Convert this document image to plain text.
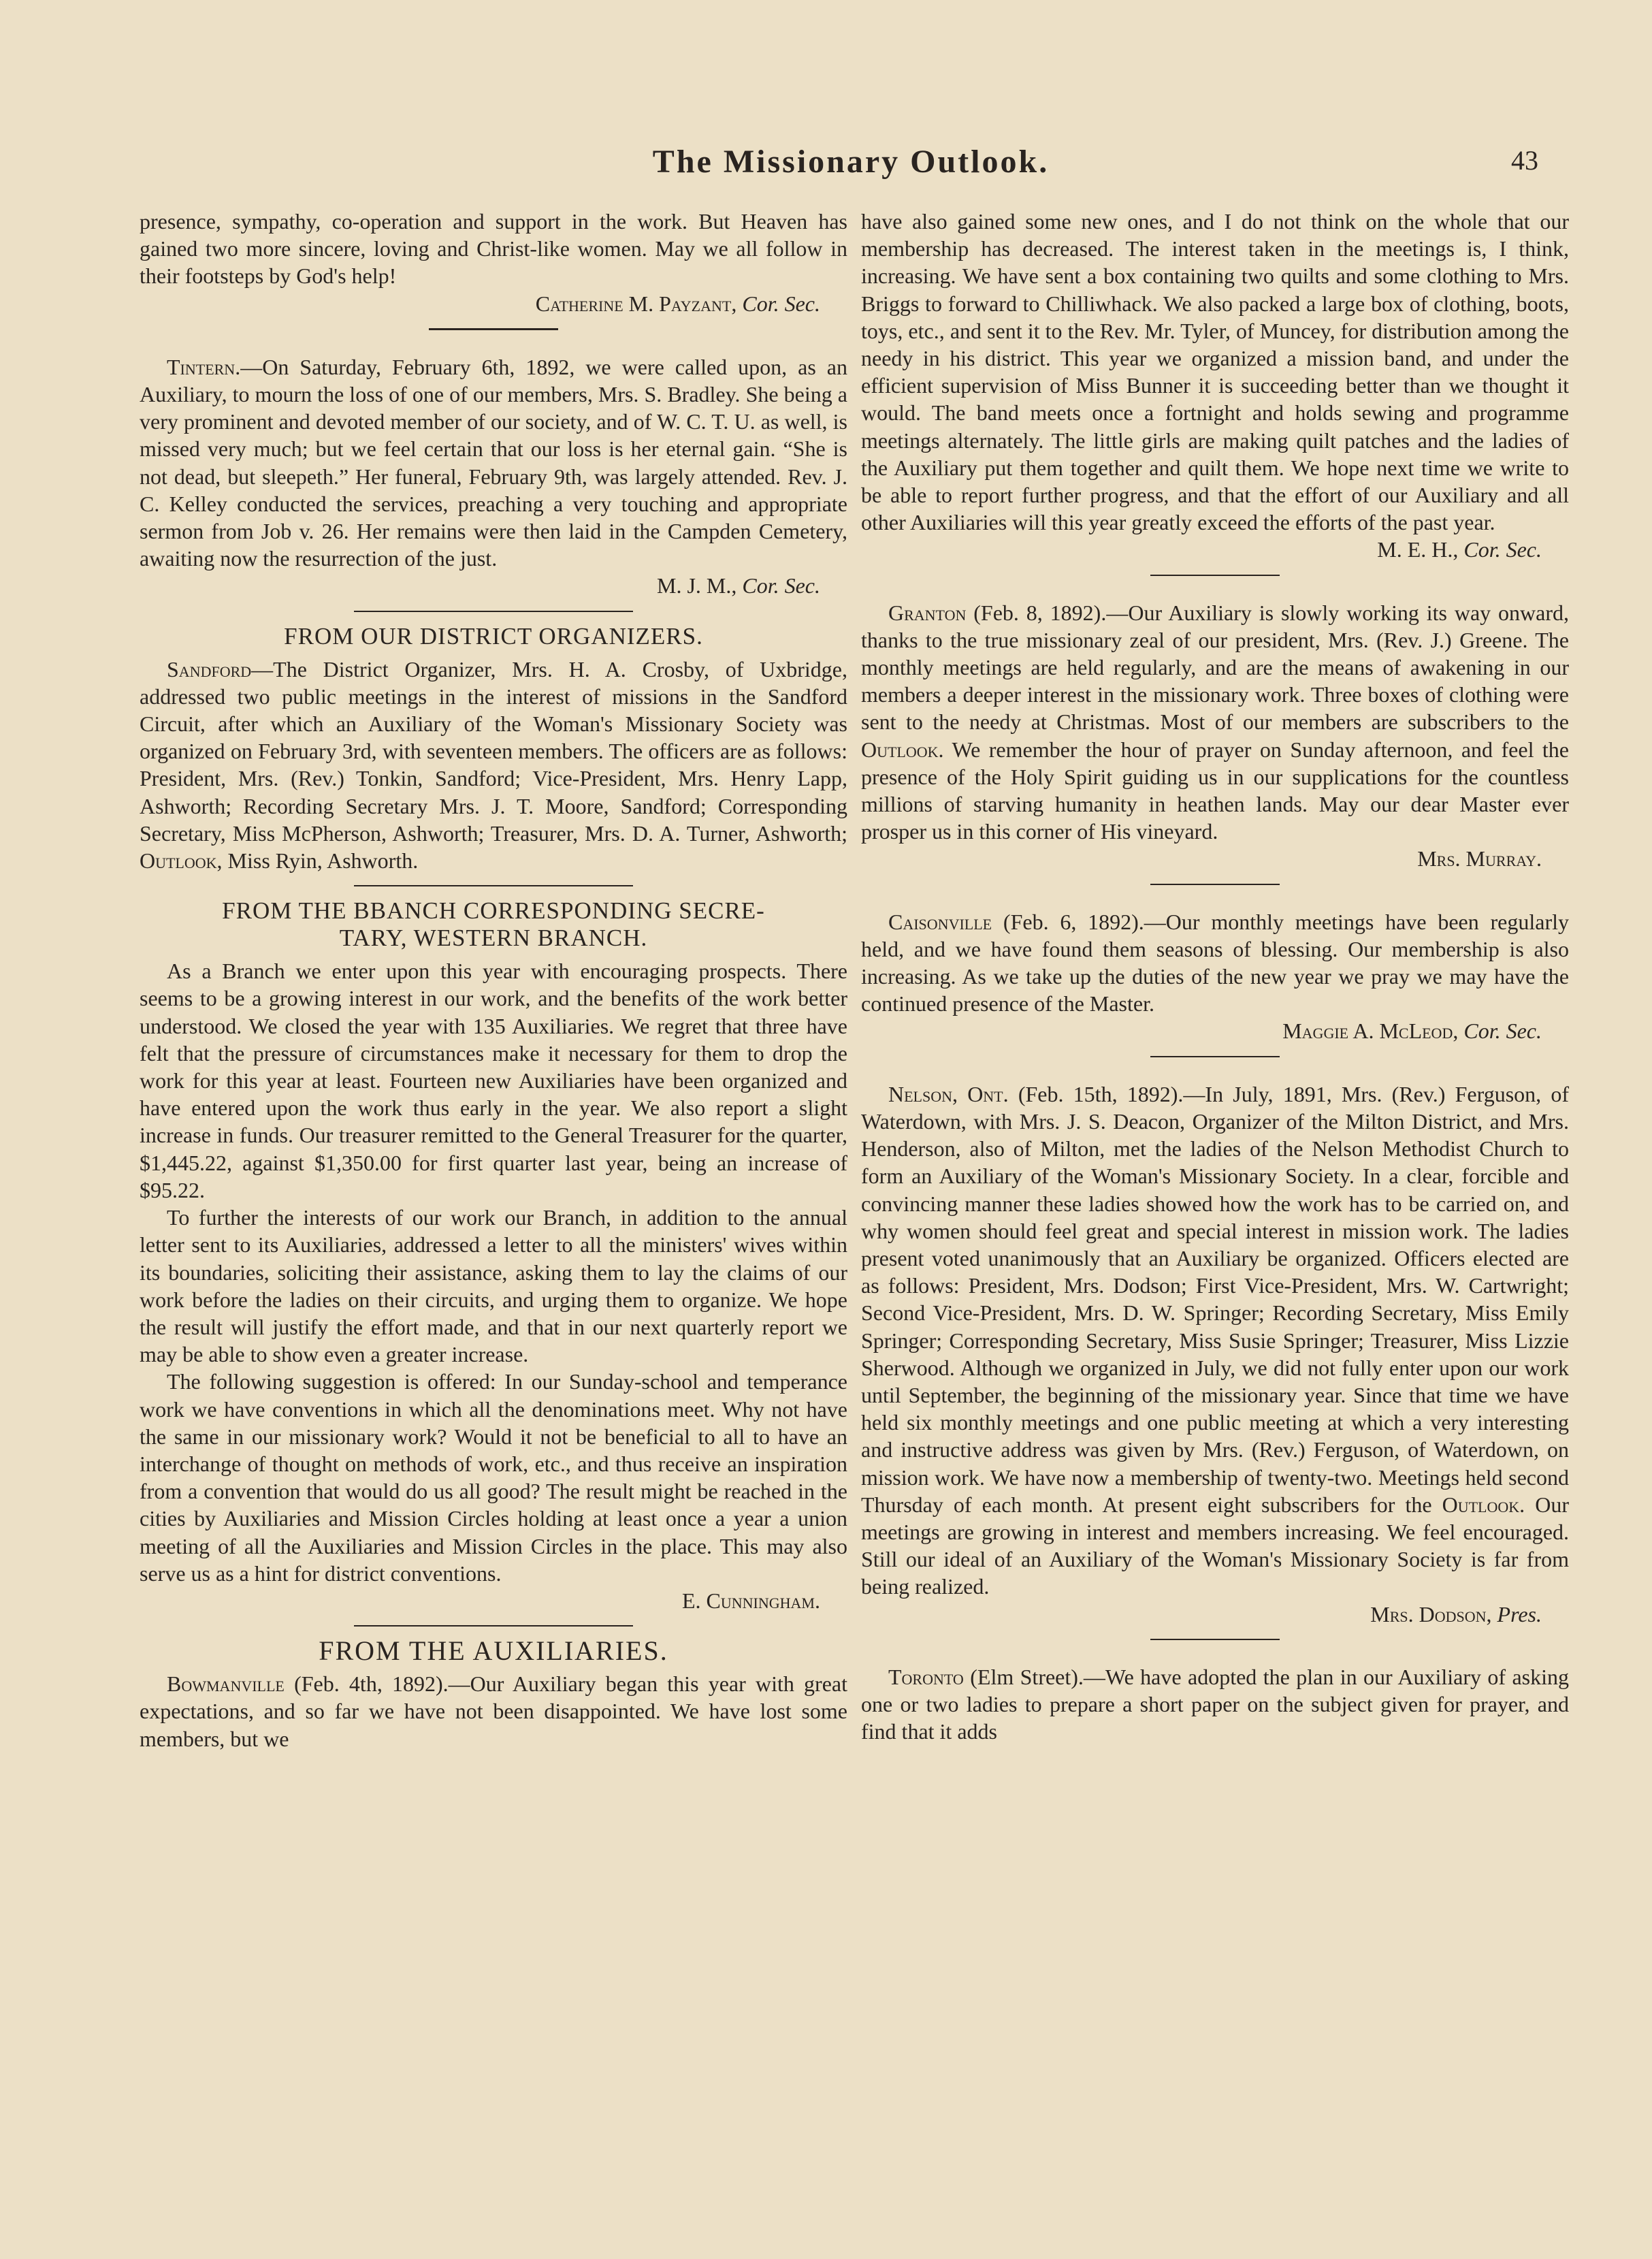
The Missionary Outlook.	43

presence, sympathy, co-operation and support in the work. But Heaven has gained two more sincere, loving and Christ-like women. May we all follow in their footsteps by God's help!

Catherine M. Payzant, Cor. Sec.

Tintern.—On Saturday, February 6th, 1892, we were called upon, as an Auxiliary, to mourn the loss of one of our members, Mrs. S. Bradley. She being a very prominent and devoted member of our society, and of W. C. T. U. as well, is missed very much; but we feel certain that our loss is her eternal gain. “She is not dead, but sleepeth.” Her funeral, February 9th, was largely attended. Rev. J. C. Kelley conducted the services, preaching a very touching and appropriate sermon from Job v. 26. Her remains were then laid in the Campden Cemetery, awaiting now the resurrection of the just.

M. J. M., Cor. Sec.

FROM OUR DISTRICT ORGANIZERS.

Sandford—The District Organizer, Mrs. H. A. Crosby, of Uxbridge, addressed two public meetings in the interest of missions in the Sandford Circuit, after which an Auxiliary of the Woman's Missionary Society was organized on February 3rd, with seventeen members. The officers are as follows: President, Mrs. (Rev.) Tonkin, Sandford; Vice-President, Mrs. Henry Lapp, Ashworth; Recording Secretary Mrs. J. T. Moore, Sandford; Corresponding Secretary, Miss McPherson, Ashworth; Treasurer, Mrs. D. A. Turner, Ashworth; Outlook, Miss Ryin, Ashworth.

FROM THE BBANCH CORRESPONDING SECRE-
TARY, WESTERN BRANCH.

As a Branch we enter upon this year with encouraging prospects. There seems to be a growing interest in our work, and the benefits of the work better understood. We closed the year with 135 Auxiliaries. We regret that three have felt that the pressure of circumstances make it necessary for them to drop the work for this year at least. Fourteen new Auxiliaries have been organized and have entered upon the work thus early in the year. We also report a slight increase in funds. Our treasurer remitted to the General Treasurer for the quarter, $1,445.22, against $1,350.00 for first quarter last year, being an increase of $95.22.

To further the interests of our work our Branch, in addition to the annual letter sent to its Auxiliaries, addressed a letter to all the ministers' wives within its boundaries, soliciting their assistance, asking them to lay the claims of our work before the ladies on their circuits, and urging them to organize. We hope the result will justify the effort made, and that in our next quarterly report we may be able to show even a greater increase.

The following suggestion is offered: In our Sunday-school and temperance work we have conventions in which all the denominations meet. Why not have the same in our missionary work? Would it not be beneficial to all to have an interchange of thought on methods of work, etc., and thus receive an inspiration from a convention that would do us all good? The result might be reached in the cities by Auxiliaries and Mission Circles holding at least once a year a union meeting of all the Auxiliaries and Mission Circles in the place. This may also serve us as a hint for district conventions.

E. Cunningham.

FROM THE AUXILIARIES.

Bowmanville (Feb. 4th, 1892).—Our Auxiliary began this year with great expectations, and so far we have not been disappointed. We have lost some members, but we

have also gained some new ones, and I do not think on the whole that our membership has decreased. The interest taken in the meetings is, I think, increasing. We have sent a box containing two quilts and some clothing to Mrs. Briggs to forward to Chilliwhack. We also packed a large box of clothing, boots, toys, etc., and sent it to the Rev. Mr. Tyler, of Muncey, for distribution among the needy in his district. This year we organized a mission band, and under the efficient supervision of Miss Bunner it is succeeding better than we thought it would. The band meets once a fortnight and holds sewing and programme meetings alternately. The little girls are making quilt patches and the ladies of the Auxiliary put them together and quilt them. We hope next time we write to be able to report further progress, and that the effort of our Auxiliary and all other Auxiliaries will this year greatly exceed the efforts of the past year.

M. E. H., Cor. Sec.

Granton (Feb. 8, 1892).—Our Auxiliary is slowly working its way onward, thanks to the true missionary zeal of our president, Mrs. (Rev. J.) Greene. The monthly meetings are held regularly, and are the means of awakening in our members a deeper interest in the missionary work. Three boxes of clothing were sent to the needy at Christmas. Most of our members are subscribers to the Outlook. We remember the hour of prayer on Sunday afternoon, and feel the presence of the Holy Spirit guiding us in our supplications for the countless millions of starving humanity in heathen lands. May our dear Master ever prosper us in this corner of His vineyard.

Mrs. Murray.

Caisonville (Feb. 6, 1892).—Our monthly meetings have been regularly held, and we have found them seasons of blessing. Our membership is also increasing. As we take up the duties of the new year we pray we may have the continued presence of the Master.

Maggie A. McLeod, Cor. Sec.

Nelson, Ont. (Feb. 15th, 1892).—In July, 1891, Mrs. (Rev.) Ferguson, of Waterdown, with Mrs. J. S. Deacon, Organizer of the Milton District, and Mrs. Henderson, also of Milton, met the ladies of the Nelson Methodist Church to form an Auxiliary of the Woman's Missionary Society. In a clear, forcible and convincing manner these ladies showed how the work has to be carried on, and why women should feel great and special interest in mission work. The ladies present voted unanimously that an Auxiliary be organized. Officers elected are as follows: President, Mrs. Dodson; First Vice-President, Mrs. W. Cartwright; Second Vice-President, Mrs. D. W. Springer; Recording Secretary, Miss Emily Springer; Corresponding Secretary, Miss Susie Springer; Treasurer, Miss Lizzie Sherwood. Although we organized in July, we did not fully enter upon our work until September, the beginning of the missionary year. Since that time we have held six monthly meetings and one public meeting at which a very interesting and instructive address was given by Mrs. (Rev.) Ferguson, of Waterdown, on mission work. We have now a membership of twenty-two. Meetings held second Thursday of each month. At present eight subscribers for the Outlook. Our meetings are growing in interest and members increasing. We feel encouraged. Still our ideal of an Auxiliary of the Woman's Missionary Society is far from being realized.

Mrs. Dodson, Pres.

Toronto (Elm Street).—We have adopted the plan in our Auxiliary of asking one or two ladies to prepare a short paper on the subject given for prayer, and find that it adds
